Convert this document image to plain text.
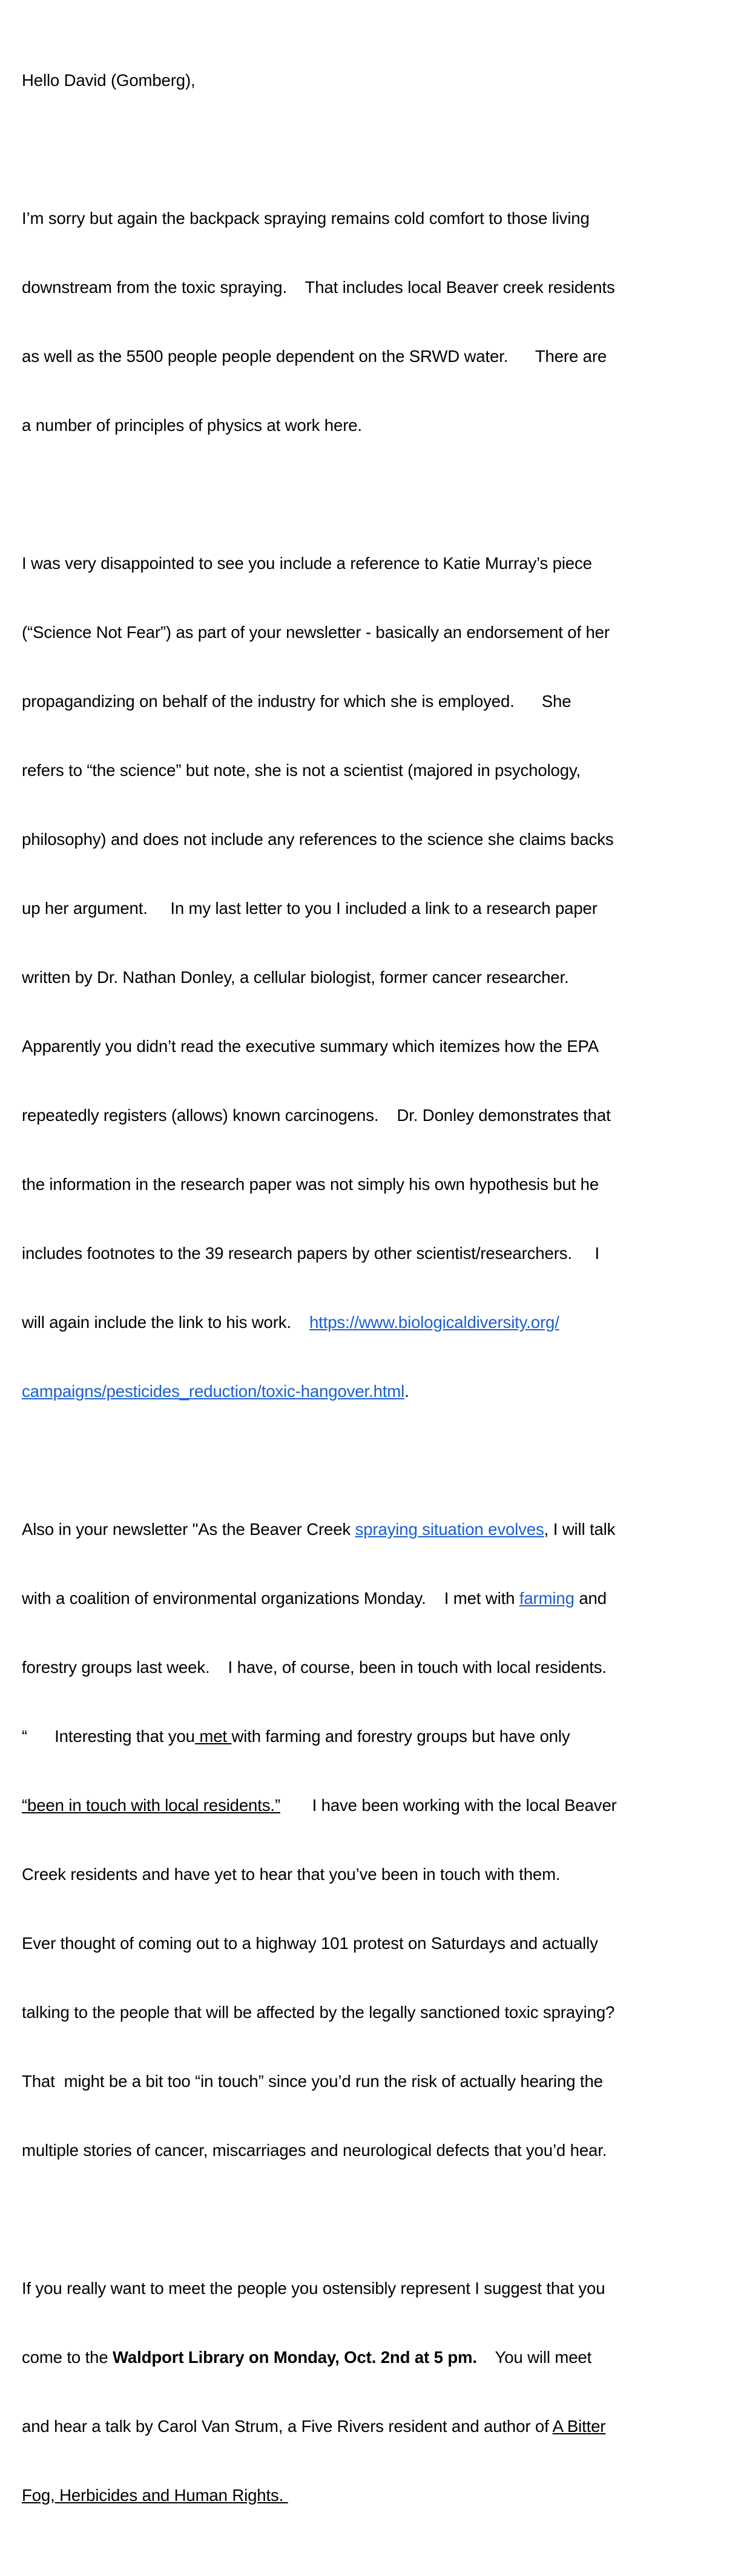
Hello David (Gomberg),

I’m sorry but again the backpack spraying remains cold comfort to those living

downstream from the toxic spraying.    That includes local Beaver creek residents

as well as the 5500 people people dependent on the SRWD water.      There are

a number of principles of physics at work here.

I was very disappointed to see you include a reference to Katie Murray’s piece

(“Science Not Fear”) as part of your newsletter - basically an endorsement of her

propagandizing on behalf of the industry for which she is employed.      She

refers to “the science” but note, she is not a scientist (majored in psychology,

philosophy) and does not include any references to the science she claims backs

up her argument.     In my last letter to you I included a link to a research paper

written by Dr. Nathan Donley, a cellular biologist, former cancer researcher.

Apparently you didn’t read the executive summary which itemizes how the EPA

repeatedly registers (allows) known carcinogens.    Dr. Donley demonstrates that

the information in the research paper was not simply his own hypothesis but he

includes footnotes to the 39 research papers by other scientist/researchers.     I

will again include the link to his work.    https://www.biologicaldiversity.org/

campaigns/pesticides_reduction/toxic-hangover.html.

Also in your newsletter "As the Beaver Creek spraying situation evolves, I will talk

with a coalition of environmental organizations Monday.    I met with farming and

forestry groups last week.    I have, of course, been in touch with local residents.

“      Interesting that you met with farming and forestry groups but have only

“been in touch with local residents.”       I have been working with the local Beaver

Creek residents and have yet to hear that you’ve been in touch with them.

Ever thought of coming out to a highway 101 protest on Saturdays and actually

talking to the people that will be affected by the legally sanctioned toxic spraying?

That  might be a bit too “in touch” since you’d run the risk of actually hearing the

multiple stories of cancer, miscarriages and neurological defects that you’d hear.

If you really want to meet the people you ostensibly represent I suggest that you

come to the Waldport Library on Monday, Oct. 2nd at 5 pm.    You will meet

and hear a talk by Carol Van Strum, a Five Rivers resident and author of A Bitter

Fog, Herbicides and Human Rights.
